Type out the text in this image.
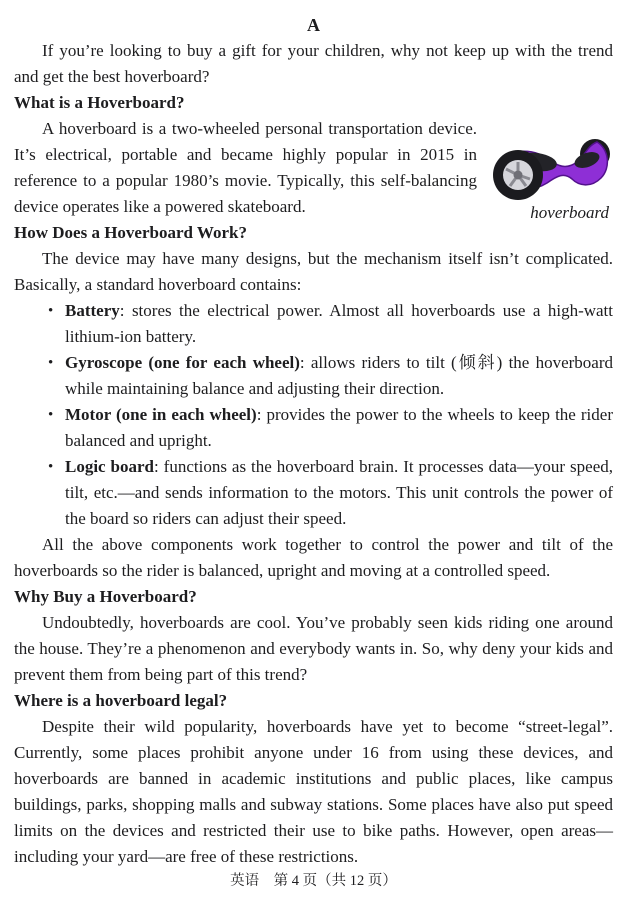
A

If you’re looking to buy a gift for your children, why not keep up with the trend and get the best hoverboard?

What is a Hoverboard?
hoverboard
A hoverboard is a two-wheeled personal transportation device. It’s electrical, portable and became highly popular in 2015 in reference to a popular 1980’s movie. Typically, this self-balancing device operates like a powered skateboard.
How Does a Hoverboard Work?

The device may have many designs, but the mechanism itself isn’t complicated. Basically, a standard hoverboard contains:

• Battery: stores the electrical power. Almost all hoverboards use a high-watt lithium-ion battery.
• Gyroscope (one for each wheel): allows riders to tilt (倾斜) the hoverboard while maintaining balance and adjusting their direction.
• Motor (one in each wheel): provides the power to the wheels to keep the rider balanced and upright.
• Logic board: functions as the hoverboard brain. It processes data—your speed, tilt, etc.—and sends information to the motors. This unit controls the power of the board so riders can adjust their speed.

All the above components work together to control the power and tilt of the hoverboards so the rider is balanced, upright and moving at a controlled speed.

Why Buy a Hoverboard?

Undoubtedly, hoverboards are cool. You’ve probably seen kids riding one around the house. They’re a phenomenon and everybody wants in. So, why deny your kids and prevent them from being part of this trend?

Where is a hoverboard legal?

Despite their wild popularity, hoverboards have yet to become “street-legal”. Currently, some places prohibit anyone under 16 from using these devices, and hoverboards are banned in academic institutions and public places, like campus buildings, parks, shopping malls and subway stations. Some places have also put speed limits on the devices and restricted their use to bike paths. However, open areas—including your yard—are free of these restrictions.

英语　第 4 页（共 12 页）
